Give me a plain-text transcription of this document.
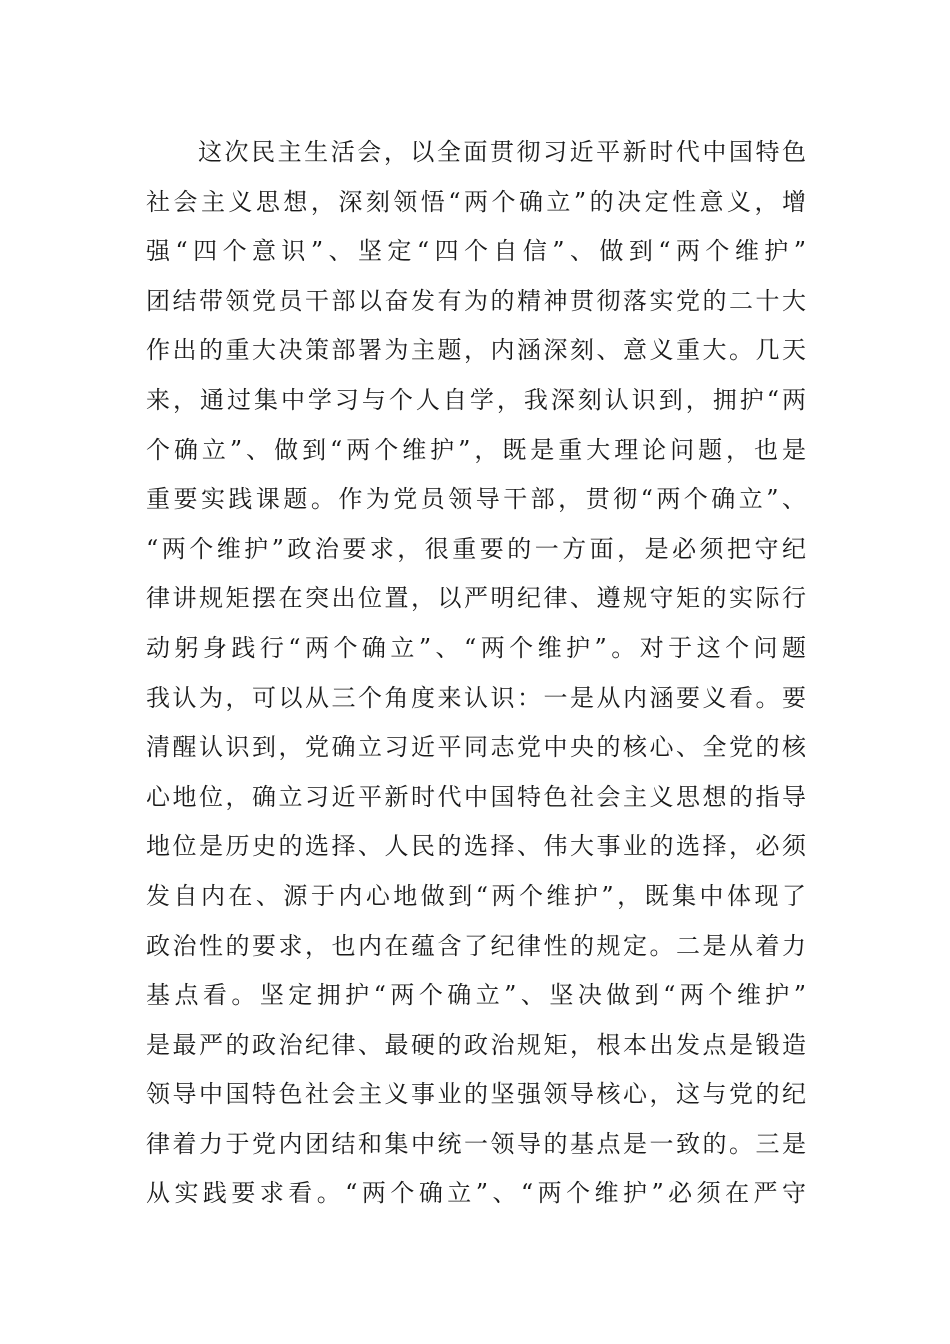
这次民主生活会，以全面贯彻习近平新时代中国特色
社会主义思想，深刻领悟“两个确立”的决定性意义，增
强“四个意识”、坚定“四个自信”、做到“两个维护”
团结带领党员干部以奋发有为的精神贯彻落实党的二十大
作出的重大决策部署为主题，内涵深刻、意义重大。几天
来，通过集中学习与个人自学，我深刻认识到，拥护“两
个确立”、做到“两个维护”，既是重大理论问题，也是
重要实践课题。作为党员领导干部，贯彻“两个确立”、
“两个维护”政治要求，很重要的一方面，是必须把守纪
律讲规矩摆在突出位置，以严明纪律、遵规守矩的实际行
动躬身践行“两个确立”、“两个维护”。对于这个问题
我认为，可以从三个角度来认识：一是从内涵要义看。要
清醒认识到，党确立习近平同志党中央的核心、全党的核
心地位，确立习近平新时代中国特色社会主义思想的指导
地位是历史的选择、人民的选择、伟大事业的选择，必须
发自内在、源于内心地做到“两个维护”，既集中体现了
政治性的要求，也内在蕴含了纪律性的规定。二是从着力
基点看。坚定拥护“两个确立”、坚决做到“两个维护”
是最严的政治纪律、最硬的政治规矩，根本出发点是锻造
领导中国特色社会主义事业的坚强领导核心，这与党的纪
律着力于党内团结和集中统一领导的基点是一致的。三是
从实践要求看。“两个确立”、“两个维护”必须在严守
